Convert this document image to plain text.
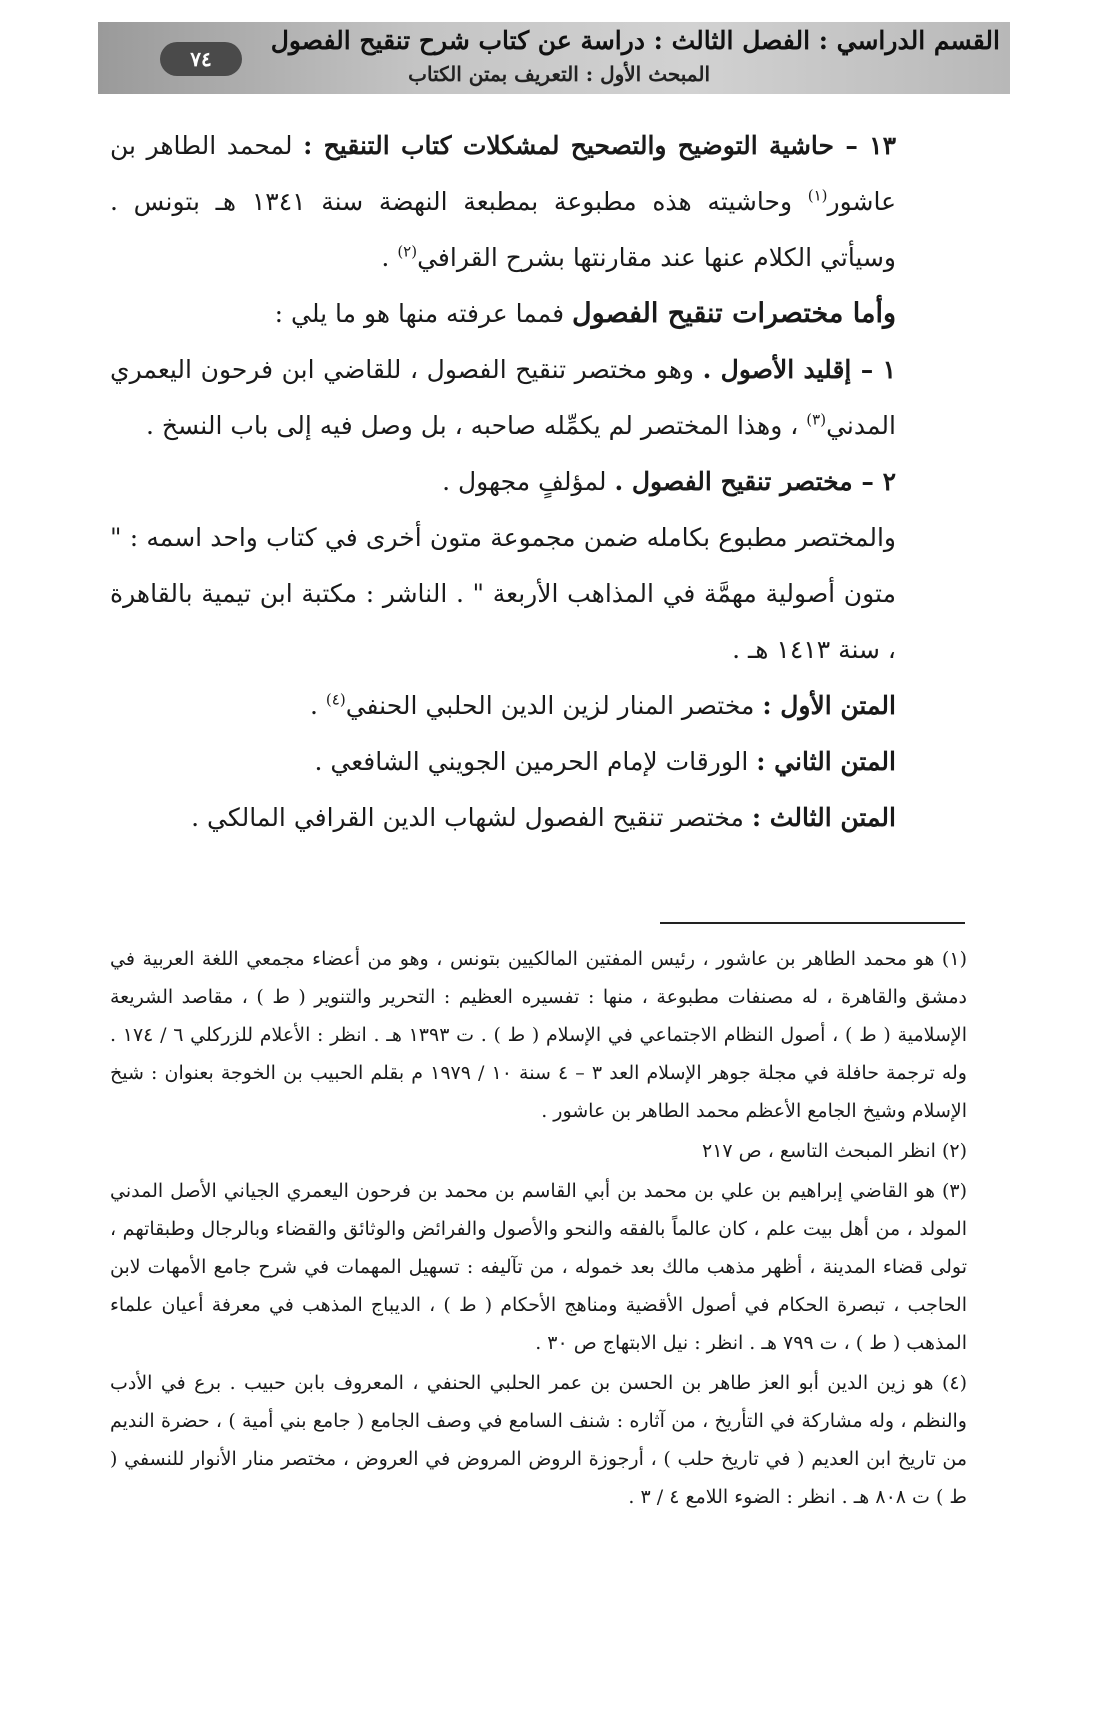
القسم الدراسي : الفصل الثالث : دراسة عن كتاب شرح تنقيح الفصول
المبحث الأول : التعريف بمتن الكتاب
٧٤

١٣ – حاشية التوضيح والتصحيح لمشكلات كتاب التنقيح : لمحمد الطاهر بن عاشور$^{(١)}$ وحاشيته هذه مطبوعة بمطبعة النهضة سنة ١٣٤١ هـ بتونس . وسيأتي الكلام عنها عند مقارنتها بشرح القرافي$^{(٢)}$ .

وأما مختصرات تنقيح الفصول فمما عرفته منها هو ما يلي :

١ – إقليد الأصول . وهو مختصر تنقيح الفصول ، للقاضي ابن فرحون اليعمري المدني$^{(٣)}$ ، وهذا المختصر لم يكمِّله صاحبه ، بل وصل فيه إلى باب النسخ .

٢ – مختصر تنقيح الفصول . لمؤلفٍ مجهول .

والمختصر مطبوع بكامله ضمن مجموعة متون أخرى في كتاب واحد اسمه : " متون أصولية مهمَّة في المذاهب الأربعة " . الناشر : مكتبة ابن تيمية بالقاهرة ، سنة ١٤١٣ هـ .

المتن الأول : مختصر المنار لزين الدين الحلبي الحنفي$^{(٤)}$ .

المتن الثاني : الورقات لإمام الحرمين الجويني الشافعي .

المتن الثالث : مختصر تنقيح الفصول لشهاب الدين القرافي المالكي .

(١) هو محمد الطاهر بن عاشور ، رئيس المفتين المالكيين بتونس ، وهو من أعضاء مجمعي اللغة العربية في دمشق والقاهرة ، له مصنفات مطبوعة ، منها : تفسيره العظيم : التحرير والتنوير ( ط ) ، مقاصد الشريعة الإسلامية ( ط ) ، أصول النظام الاجتماعي في الإسلام ( ط ) . ت ١٣٩٣ هـ . انظر : الأعلام للزركلي ٦ / ١٧٤ . وله ترجمة حافلة في مجلة جوهر الإسلام العد ٣ – ٤ سنة ١٠ / ١٩٧٩ م بقلم الحبيب بن الخوجة بعنوان : شيخ الإسلام وشيخ الجامع الأعظم محمد الطاهر بن عاشور .

(٢) انظر المبحث التاسع ، ص ٢١٧

(٣) هو القاضي إبراهيم بن علي بن محمد بن أبي القاسم بن محمد بن فرحون اليعمري الجياني الأصل المدني المولد ، من أهل بيت علم ، كان عالماً بالفقه والنحو والأصول والفرائض والوثائق والقضاء وبالرجال وطبقاتهم ، تولى قضاء المدينة ، أظهر مذهب مالك بعد خموله ، من تآليفه : تسهيل المهمات في شرح جامع الأمهات لابن الحاجب ، تبصرة الحكام في أصول الأقضية ومناهج الأحكام ( ط ) ، الديباج المذهب في معرفة أعيان علماء المذهب ( ط ) ، ت ٧٩٩ هـ . انظر : نيل الابتهاج ص ٣٠ .

(٤) هو زين الدين أبو العز طاهر بن الحسن بن عمر الحلبي الحنفي ، المعروف بابن حبيب . برع في الأدب والنظم ، وله مشاركة في التأريخ ، من آثاره : شنف السامع في وصف الجامع ( جامع بني أمية ) ، حضرة النديم من تاريخ ابن العديم ( في تاريخ حلب ) ، أرجوزة الروض المروض في العروض ، مختصر منار الأنوار للنسفي ( ط ) ت ٨٠٨ هـ . انظر : الضوء اللامع ٤ / ٣ .
